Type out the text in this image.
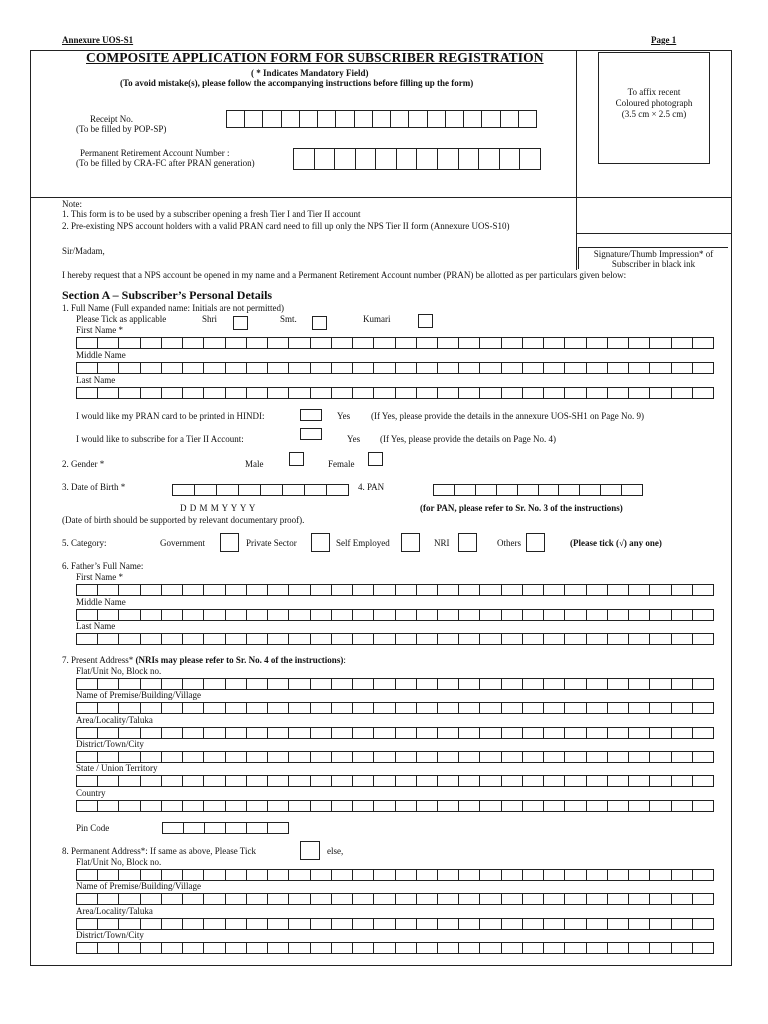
Annexure UOS-S1	Page 1
COMPOSITE APPLICATION FORM FOR SUBSCRIBER REGISTRATION
( * Indicates Mandatory Field)
(To avoid mistake(s), please follow the accompanying instructions before filling up the form)
Receipt No.
(To be filled by POP-SP)
Permanent Retirement Account Number :
(To be filled by CRA-FC after PRAN generation)
To affix recent
Coloured photograph
(3.5 cm × 2.5 cm)
Signature/Thumb Impression* of
Subscriber in black ink
Note:
1. This form is to be used by a subscriber opening a fresh Tier I and Tier II account
2. Pre-existing NPS account holders with a valid PRAN card need to fill up only the NPS Tier II form (Annexure UOS-S10)
Sir/Madam,
I hereby request that a NPS account be opened in my name and a Permanent Retirement Account number (PRAN) be allotted as per particulars given below:
Section A – Subscriber’s Personal Details
1. Full Name (Full expanded name: Initials are not permitted)
Please Tick as applicable	Shri	Smt.	Kumari
First Name *
Middle Name
Last Name
I would like my PRAN card to be printed in HINDI:	Yes (If Yes, please provide the details in the annexure UOS-SH1 on Page No. 9)
I would like to subscribe for a Tier II Account:	Yes (If Yes, please provide the details on Page No. 4)
2. Gender *	Male	Female
3. Date of Birth *
D D M M Y Y Y Y
(Date of birth should be supported by relevant documentary proof).
4. PAN
(for PAN, please refer to Sr. No. 3 of the instructions)
5. Category:	Government	Private Sector	Self Employed	NRI	Others	(Please tick (√) any one)
6. Father’s Full Name:
First Name *
Middle Name
Last Name
7. Present Address* (NRIs may please refer to Sr. No. 4 of the instructions):
Flat/Unit No, Block no.
Name of Premise/Building/Village
Area/Locality/Taluka
District/Town/City
State / Union Territory
Country
Pin Code
8. Permanent Address*: If same as above, Please Tick	else,
Flat/Unit No, Block no.
Name of Premise/Building/Village
Area/Locality/Taluka
District/Town/City
